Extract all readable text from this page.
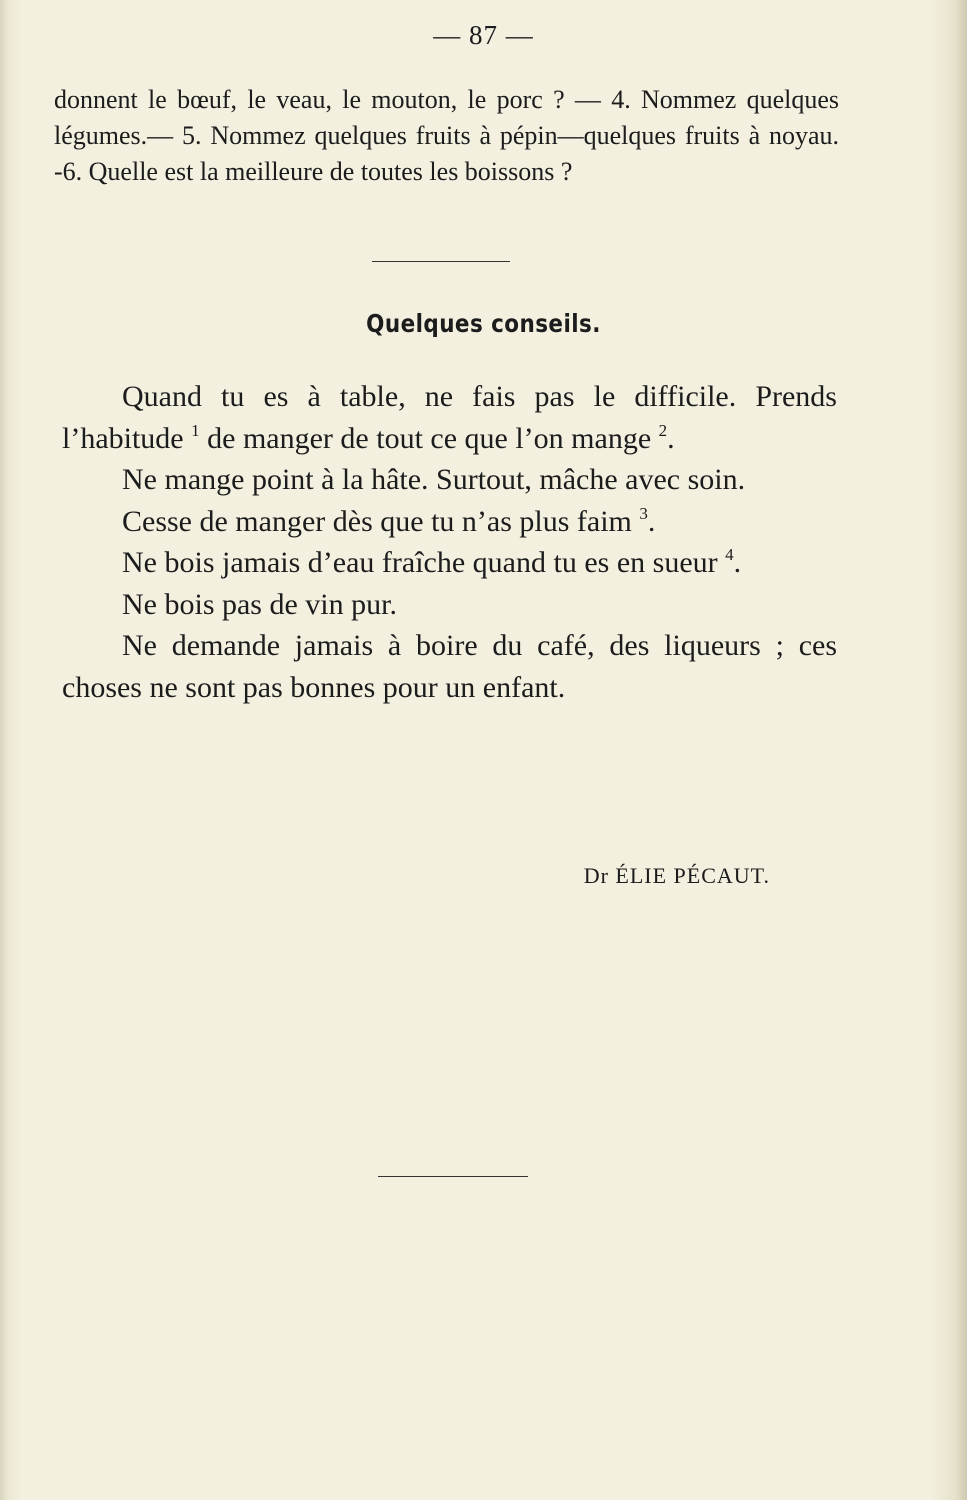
— 87 —

donnent le bœuf, le veau, le mouton, le porc ? — 4. Nommez quelques légumes.— 5. Nommez quelques fruits à pépin—quelques fruits à noyau. -6. Quelle est la meilleure de toutes les boissons ?

Quelques conseils.

Quand tu es à table, ne fais pas le difficile. Prends l’habitude $^1$ de manger de tout ce que l’on mange $^2$.

Ne mange point à la hâte. Surtout, mâche avec soin.

Cesse de manger dès que tu n’as plus faim $^3$.

Ne bois jamais d’eau fraîche quand tu es en sueur $^4$.

Ne bois pas de vin pur.

Ne demande jamais à boire du café, des liqueurs ; ces choses ne sont pas bonnes pour un enfant.

Dr ÉLIE PÉCAUT.
